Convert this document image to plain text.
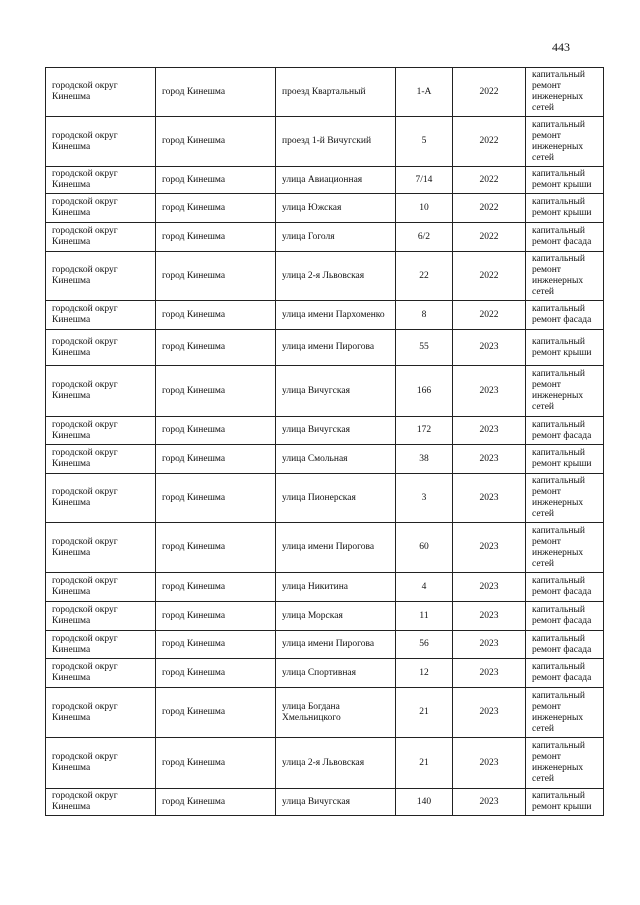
443
городской округ Кинешма	город Кинешма	проезд Квартальный	1-А	2022	капитальный ремонт инженерных сетей
городской округ Кинешма	город Кинешма	проезд 1-й Вичугский	5	2022	капитальный ремонт инженерных сетей
городской округ Кинешма	город Кинешма	улица Авиационная	7/14	2022	капитальный ремонт крыши
городской округ Кинешма	город Кинешма	улица Южская	10	2022	капитальный ремонт крыши
городской округ Кинешма	город Кинешма	улица Гоголя	6/2	2022	капитальный ремонт фасада
городской округ Кинешма	город Кинешма	улица 2-я Львовская	22	2022	капитальный ремонт инженерных сетей
городской округ Кинешма	город Кинешма	улица имени Пархоменко	8	2022	капитальный ремонт фасада
городской округ Кинешма	город Кинешма	улица имени Пирогова	55	2023	капитальный ремонт крыши
городской округ Кинешма	город Кинешма	улица Вичугская	166	2023	капитальный ремонт инженерных сетей
городской округ Кинешма	город Кинешма	улица Вичугская	172	2023	капитальный ремонт фасада
городской округ Кинешма	город Кинешма	улица Смольная	38	2023	капитальный ремонт крыши
городской округ Кинешма	город Кинешма	улица Пионерская	3	2023	капитальный ремонт инженерных сетей
городской округ Кинешма	город Кинешма	улица имени Пирогова	60	2023	капитальный ремонт инженерных сетей
городской округ Кинешма	город Кинешма	улица Никитина	4	2023	капитальный ремонт фасада
городской округ Кинешма	город Кинешма	улица Морская	11	2023	капитальный ремонт фасада
городской округ Кинешма	город Кинешма	улица имени Пирогова	56	2023	капитальный ремонт фасада
городской округ Кинешма	город Кинешма	улица Спортивная	12	2023	капитальный ремонт фасада
городской округ Кинешма	город Кинешма	улица Богдана Хмельницкого	21	2023	капитальный ремонт инженерных сетей
городской округ Кинешма	город Кинешма	улица 2-я Львовская	21	2023	капитальный ремонт инженерных сетей
городской округ Кинешма	город Кинешма	улица Вичугская	140	2023	капитальный ремонт крыши
